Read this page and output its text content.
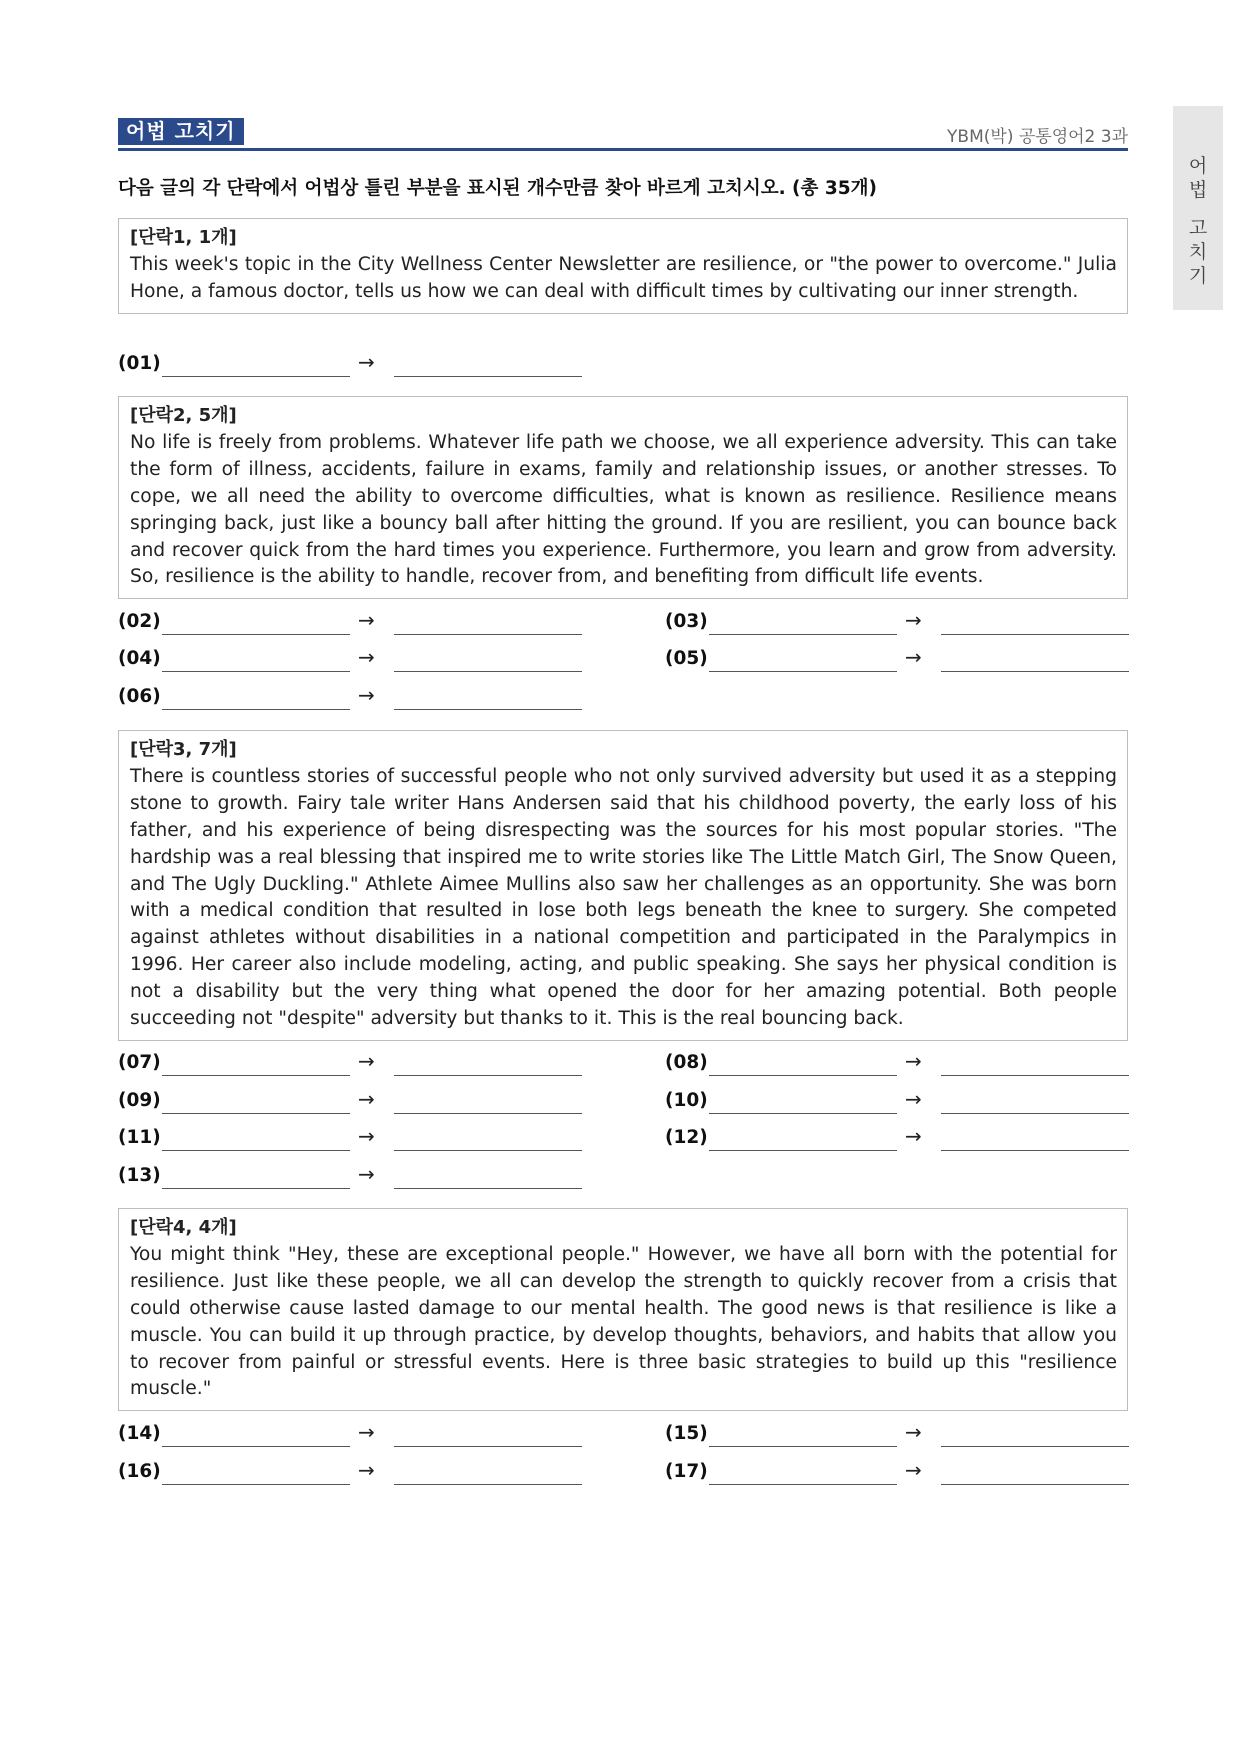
어법 고치기	YBM(박) 공통영어2 3과
어
법
고
치
기
다음 글의 각 단락에서 어법상 틀린 부분을 표시된 개수만큼 찾아 바르게 고치시오. (총 35개)
[단락1, 1개]
This week's topic in the City Wellness Center Newsletter are resilience, or "the power to overcome." Julia Hone, a famous doctor, tells us how we can deal with difficult times by cultivating our inner strength.
(01)	→
[단락2, 5개]
No life is freely from problems. Whatever life path we choose, we all experience adversity. This can take the form of illness, accidents, failure in exams, family and relationship issues, or another stresses. To cope, we all need the ability to overcome difficulties, what is known as resilience. Resilience means springing back, just like a bouncy ball after hitting the ground. If you are resilient, you can bounce back and recover quick from the hard times you experience. Furthermore, you learn and grow from adversity. So, resilience is the ability to handle, recover from, and benefiting from difficult life events.
(02)	→	(03)	→
(04)	→	(05)	→
(06)	→
[단락3, 7개]
There is countless stories of successful people who not only survived adversity but used it as a stepping stone to growth. Fairy tale writer Hans Andersen said that his childhood poverty, the early loss of his father, and his experience of being disrespecting was the sources for his most popular stories. "The hardship was a real blessing that inspired me to write stories like The Little Match Girl, The Snow Queen, and The Ugly Duckling." Athlete Aimee Mullins also saw her challenges as an opportunity. She was born with a medical condition that resulted in lose both legs beneath the knee to surgery. She competed against athletes without disabilities in a national competition and participated in the Paralympics in 1996. Her career also include modeling, acting, and public speaking. She says her physical condition is not a disability but the very thing what opened the door for her amazing potential. Both people succeeding not "despite" adversity but thanks to it. This is the real bouncing back.
(07)	→	(08)	→
(09)	→	(10)	→
(11)	→	(12)	→
(13)	→
[단락4, 4개]
You might think "Hey, these are exceptional people." However, we have all born with the potential for resilience. Just like these people, we all can develop the strength to quickly recover from a crisis that could otherwise cause lasted damage to our mental health. The good news is that resilience is like a muscle. You can build it up through practice, by develop thoughts, behaviors, and habits that allow you to recover from painful or stressful events. Here is three basic strategies to build up this "resilience muscle."
(14)	→	(15)	→
(16)	→	(17)	→
